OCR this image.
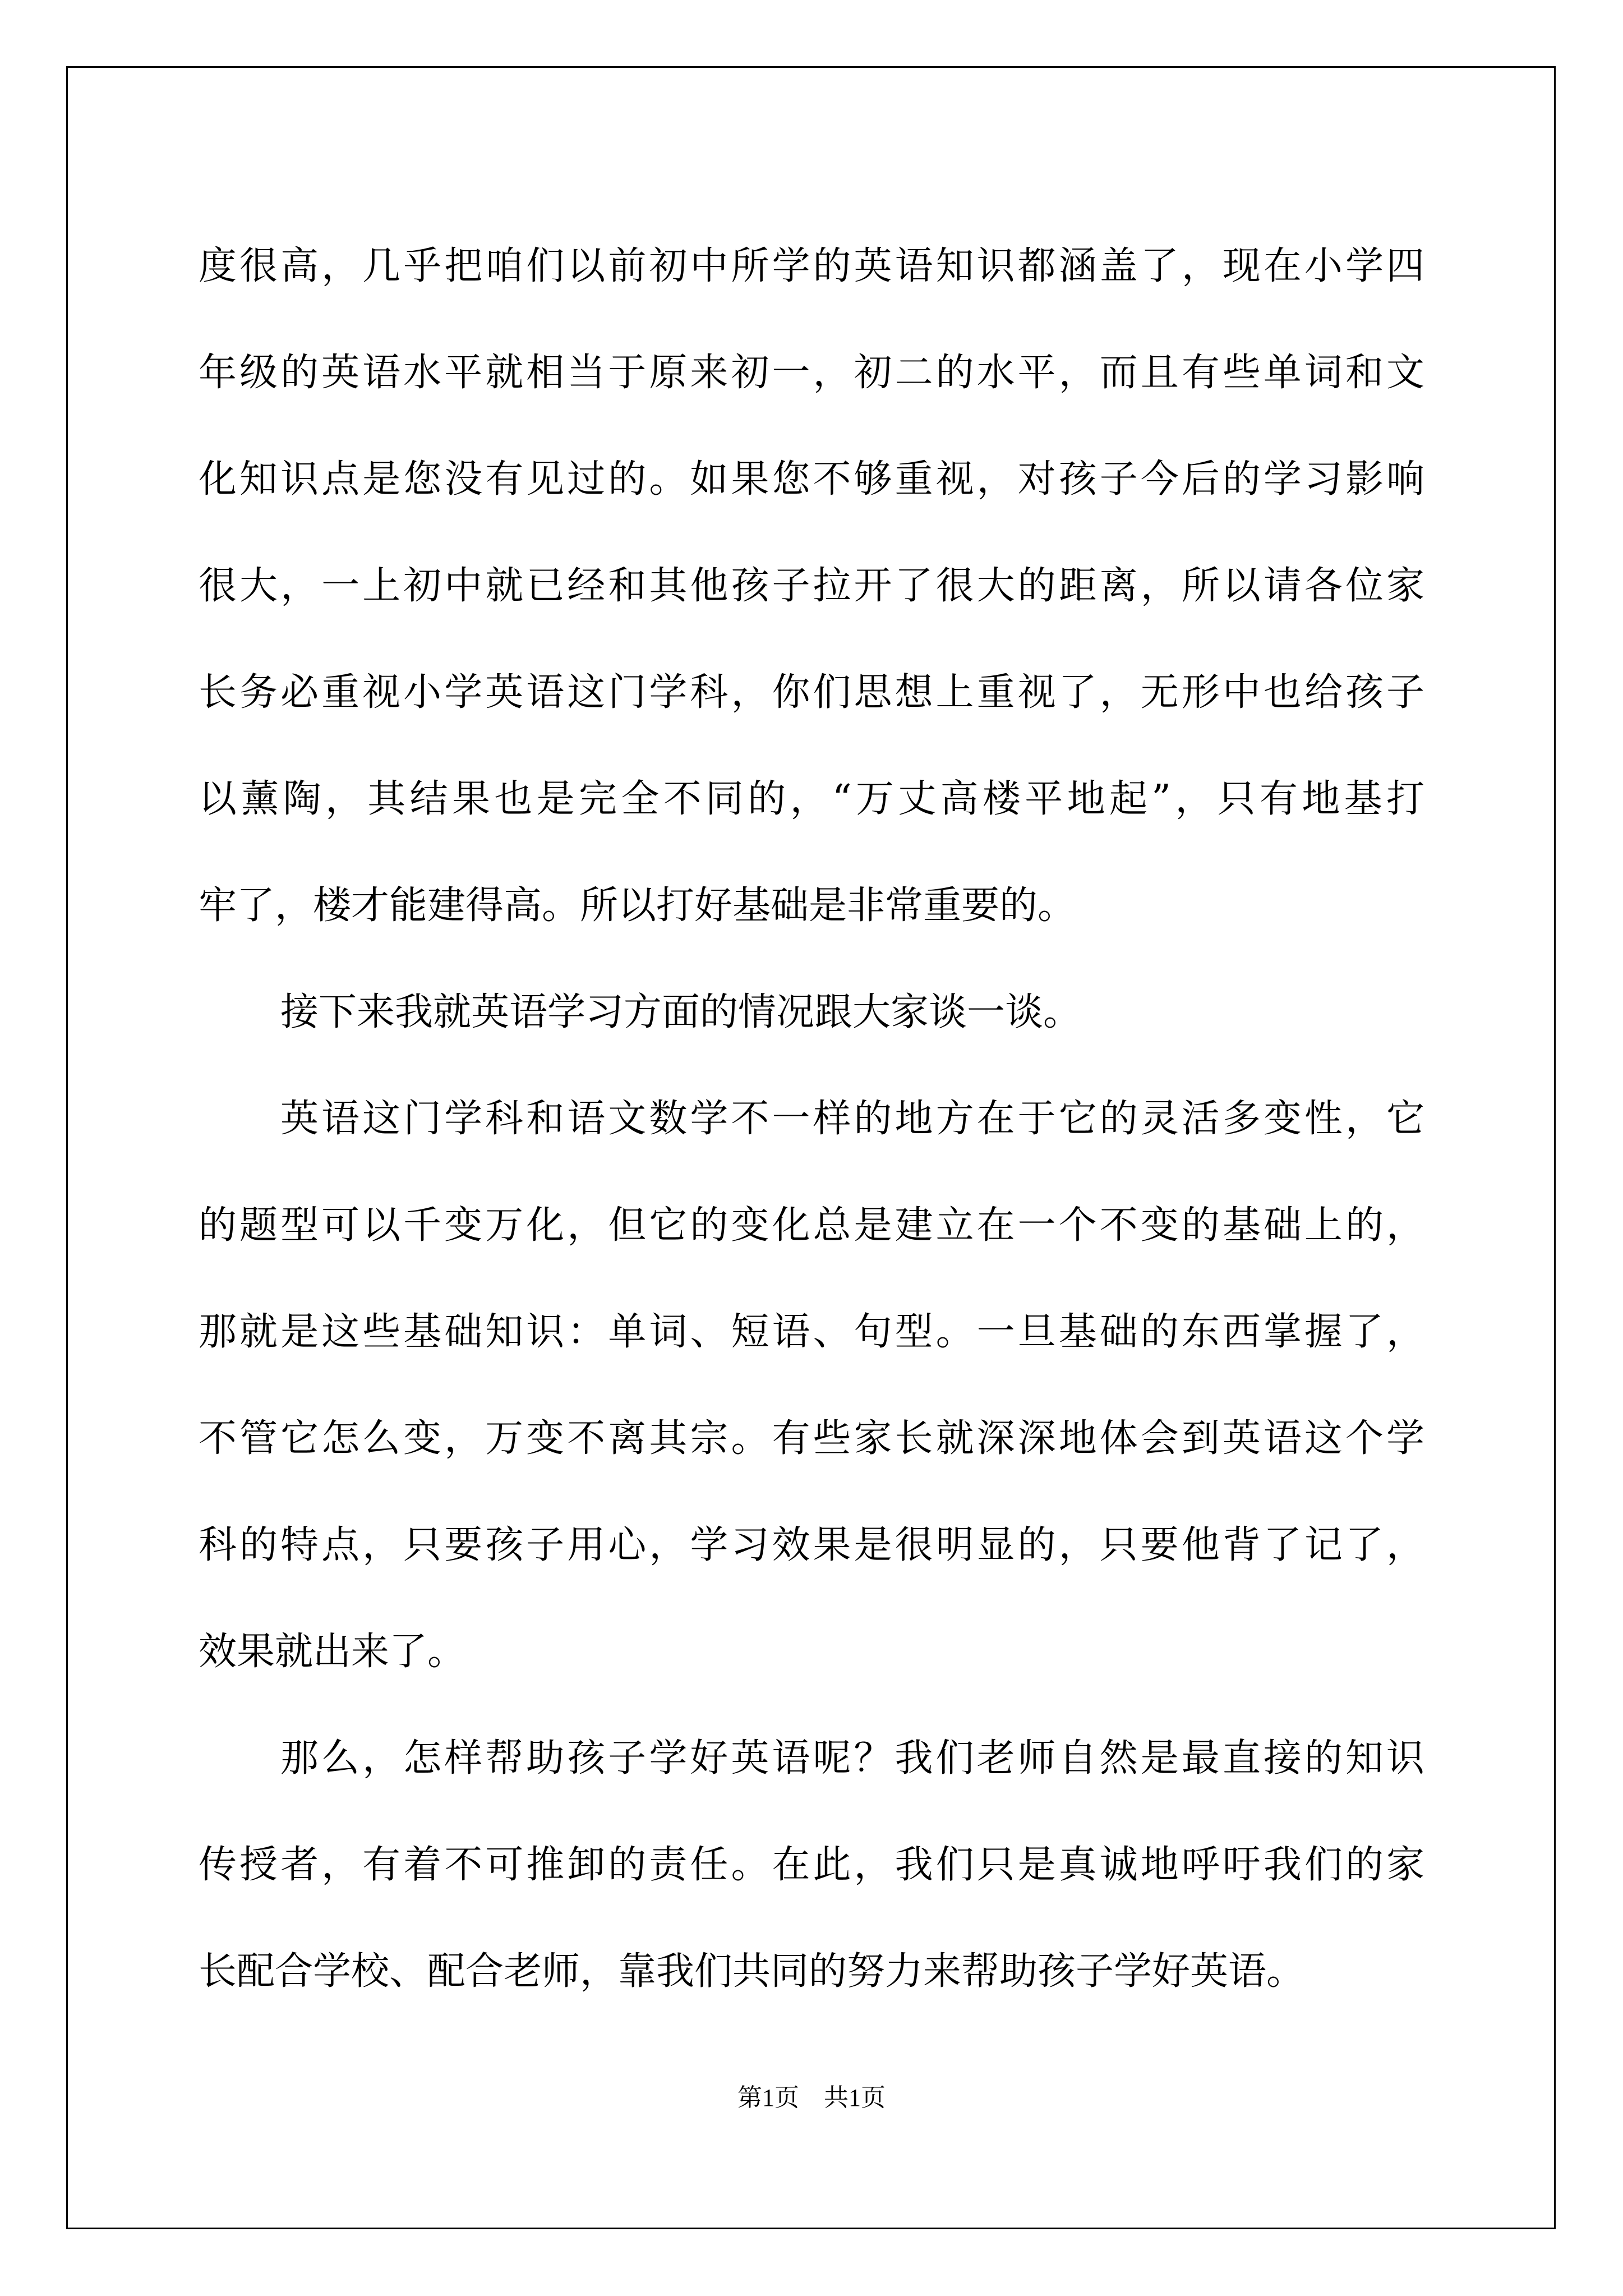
度很高，几乎把咱们以前初中所学的英语知识都涵盖了，现在小学四
年级的英语水平就相当于原来初一，初二的水平，而且有些单词和文
化知识点是您没有见过的。如果您不够重视，对孩子今后的学习影响
很大，一上初中就已经和其他孩子拉开了很大的距离，所以请各位家
长务必重视小学英语这门学科，你们思想上重视了，无形中也给孩子
以薰陶，其结果也是完全不同的，“万丈高楼平地起”，只有地基打
牢了，楼才能建得高。所以打好基础是非常重要的。
接下来我就英语学习方面的情况跟大家谈一谈。
英语这门学科和语文数学不一样的地方在于它的灵活多变性，它
的题型可以千变万化，但它的变化总是建立在一个不变的基础上的，
那就是这些基础知识：单词、短语、句型。一旦基础的东西掌握了，
不管它怎么变，万变不离其宗。有些家长就深深地体会到英语这个学
科的特点，只要孩子用心，学习效果是很明显的，只要他背了记了，
效果就出来了。
那么，怎样帮助孩子学好英语呢？我们老师自然是最直接的知识
传授者，有着不可推卸的责任。在此，我们只是真诚地呼吁我们的家
长配合学校、配合老师，靠我们共同的努力来帮助孩子学好英语。
第1页　共1页
